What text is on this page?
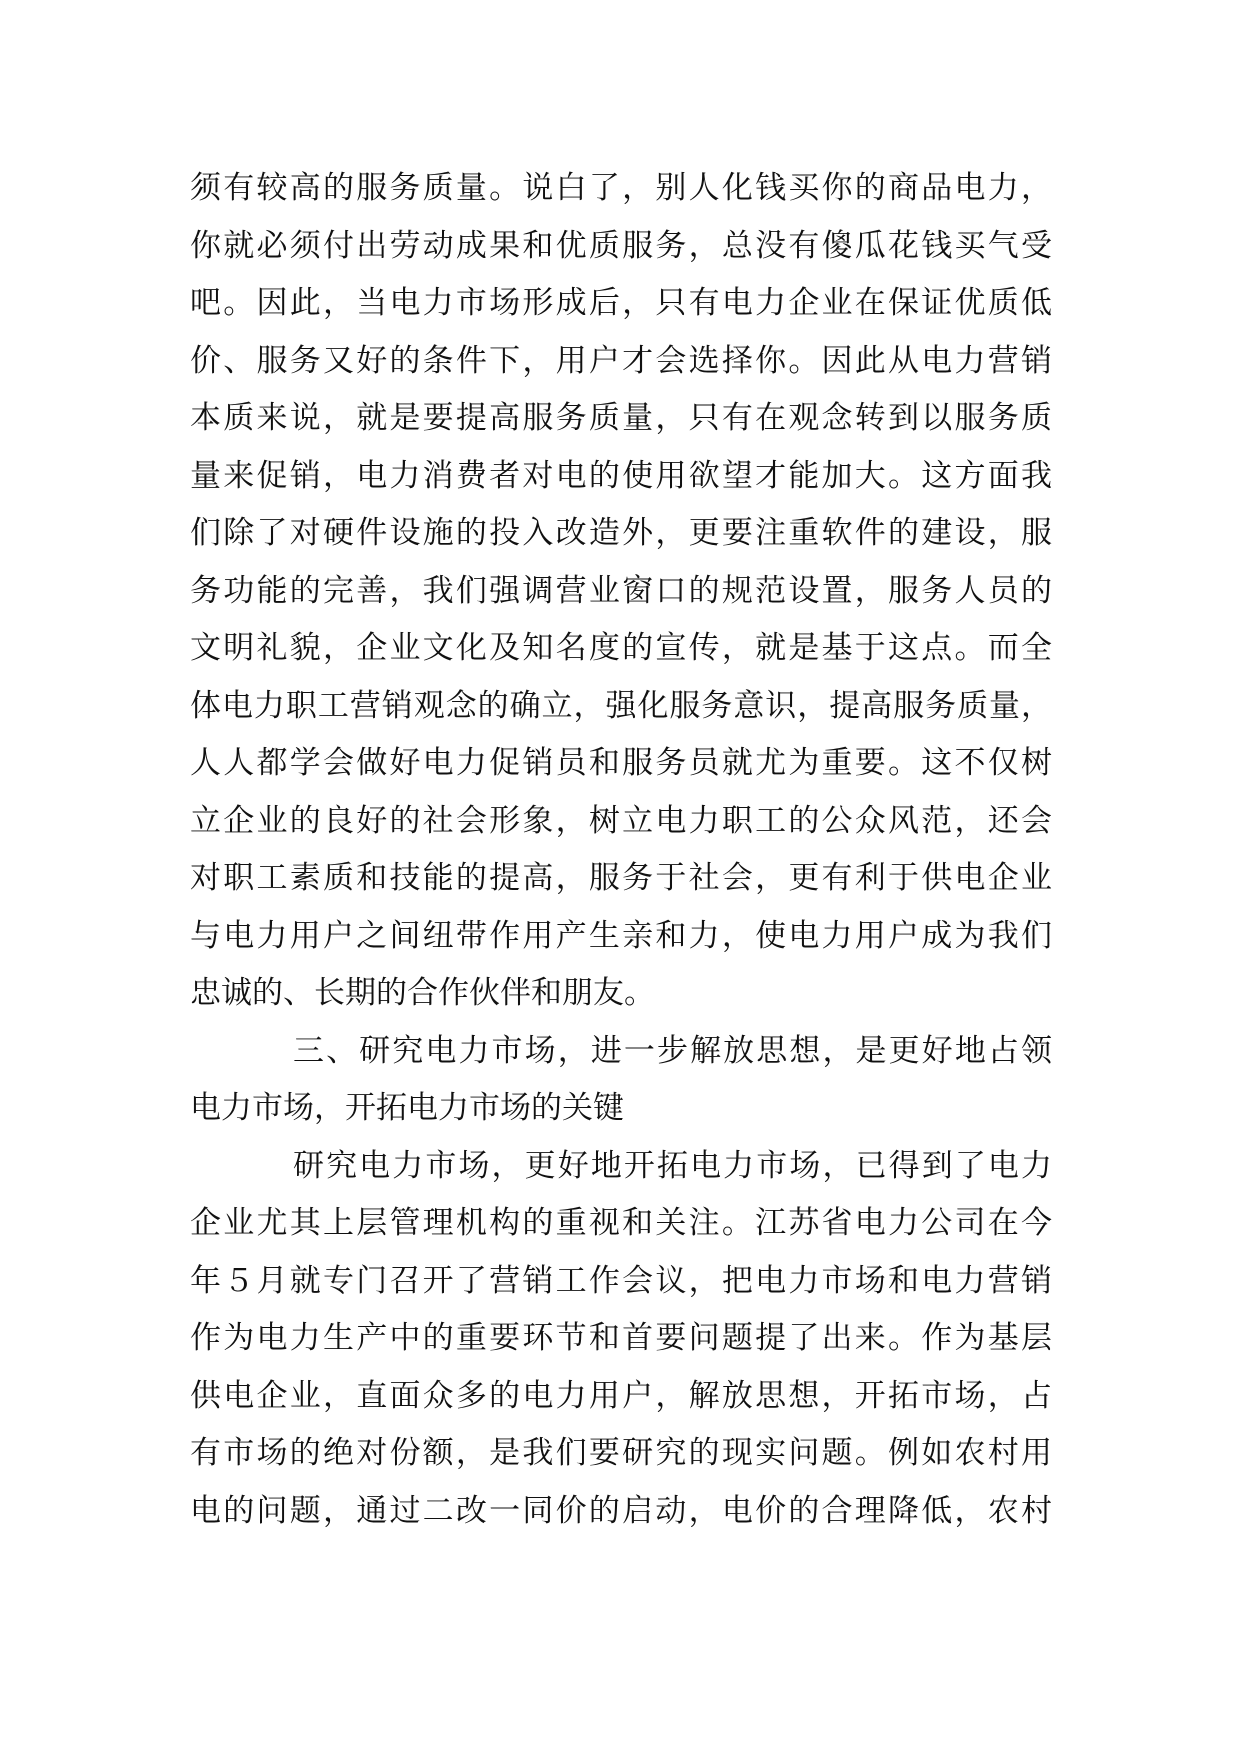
须有较高的服务质量。说白了，别人化钱买你的商品电力，
你就必须付出劳动成果和优质服务，总没有傻瓜花钱买气受
吧。因此，当电力市场形成后，只有电力企业在保证优质低
价、服务又好的条件下，用户才会选择你。因此从电力营销
本质来说，就是要提高服务质量，只有在观念转到以服务质
量来促销，电力消费者对电的使用欲望才能加大。这方面我
们除了对硬件设施的投入改造外，更要注重软件的建设，服
务功能的完善，我们强调营业窗口的规范设置，服务人员的
文明礼貌，企业文化及知名度的宣传，就是基于这点。而全
体电力职工营销观念的确立，强化服务意识，提高服务质量，
人人都学会做好电力促销员和服务员就尤为重要。这不仅树
立企业的良好的社会形象，树立电力职工的公众风范，还会
对职工素质和技能的提高，服务于社会，更有利于供电企业
与电力用户之间纽带作用产生亲和力，使电力用户成为我们
忠诚的、长期的合作伙伴和朋友。
三、研究电力市场，进一步解放思想，是更好地占领
电力市场，开拓电力市场的关键
研究电力市场，更好地开拓电力市场，已得到了电力
企业尤其上层管理机构的重视和关注。江苏省电力公司在今
年５月就专门召开了营销工作会议，把电力市场和电力营销
作为电力生产中的重要环节和首要问题提了出来。作为基层
供电企业，直面众多的电力用户，解放思想，开拓市场，占
有市场的绝对份额，是我们要研究的现实问题。例如农村用
电的问题，通过二改一同价的启动，电价的合理降低，农村
